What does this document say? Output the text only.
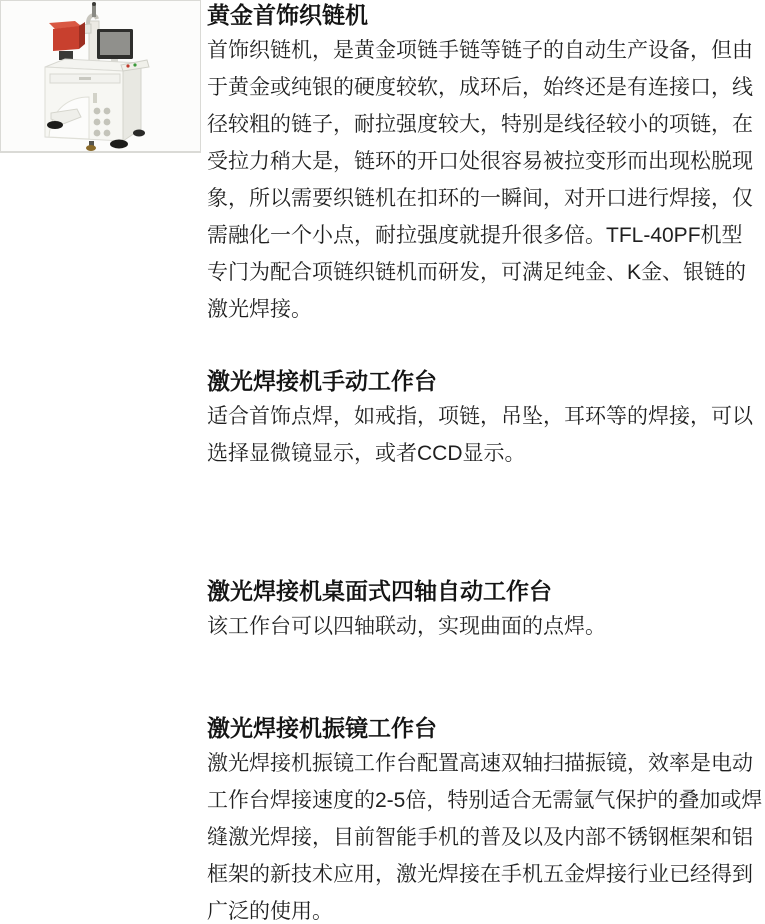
黄金首饰织链机

首饰织链机，是黄金项链手链等链子的自动生产设备，但由于黄金或纯银的硬度较软，成环后，始终还是有连接口，线径较粗的链子，耐拉强度较大，特别是线径较小的项链，在受拉力稍大是，链环的开口处很容易被拉变形而出现松脱现象，所以需要织链机在扣环的一瞬间，对开口进行焊接，仅需融化一个小点，耐拉强度就提升很多倍。TFL-40PF机型专门为配合项链织链机而研发，可满足纯金、K金、银链的激光焊接。

激光焊接机手动工作台

适合首饰点焊，如戒指，项链，吊坠，耳环等的焊接，可以选择显微镜显示，或者CCD显示。

激光焊接机桌面式四轴自动工作台

该工作台可以四轴联动，实现曲面的点焊。

激光焊接机振镜工作台

激光焊接机振镜工作台配置高速双轴扫描振镜，效率是电动工作台焊接速度的2-5倍，特别适合无需氩气保护的叠加或焊缝激光焊接，目前智能手机的普及以及内部不锈钢框架和铝框架的新技术应用，激光焊接在手机五金焊接行业已经得到广泛的使用。
